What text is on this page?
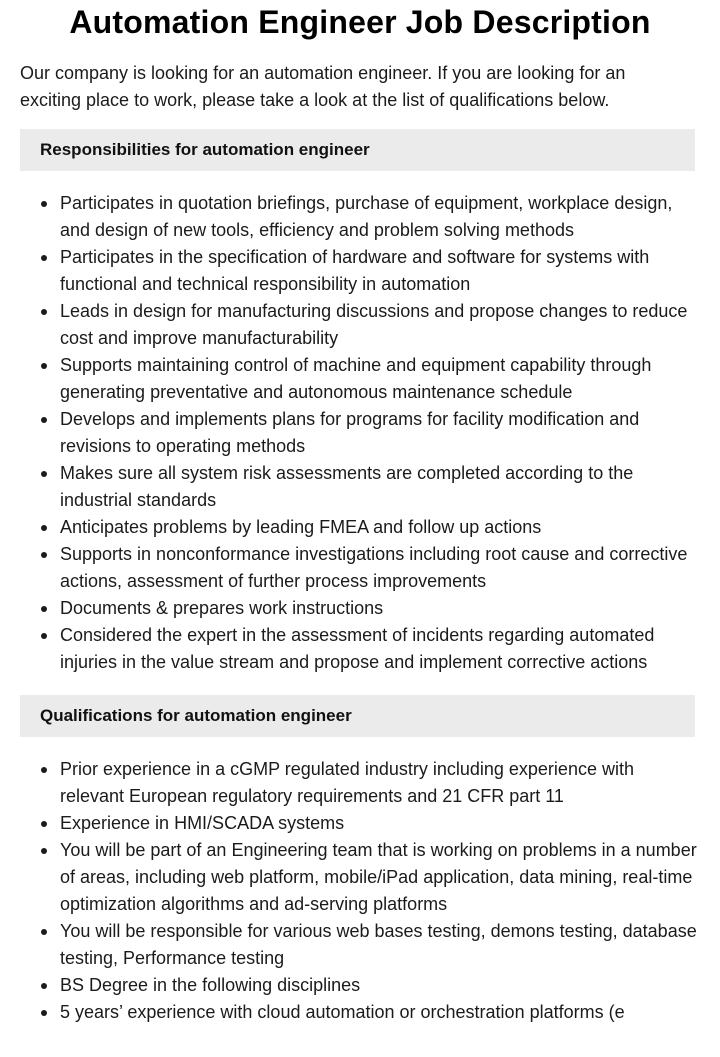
Automation Engineer Job Description

Our company is looking for an automation engineer. If you are looking for an exciting place to work, please take a look at the list of qualifications below.

Responsibilities for automation engineer
Participates in quotation briefings, purchase of equipment, workplace design, and design of new tools, efficiency and problem solving methods
Participates in the specification of hardware and software for systems with functional and technical responsibility in automation
Leads in design for manufacturing discussions and propose changes to reduce cost and improve manufacturability
Supports maintaining control of machine and equipment capability through generating preventative and autonomous maintenance schedule
Develops and implements plans for programs for facility modification and revisions to operating methods
Makes sure all system risk assessments are completed according to the industrial standards
Anticipates problems by leading FMEA and follow up actions
Supports in nonconformance investigations including root cause and corrective actions, assessment of further process improvements
Documents & prepares work instructions
Considered the expert in the assessment of incidents regarding automated injuries in the value stream and propose and implement corrective actions
Qualifications for automation engineer
Prior experience in a cGMP regulated industry including experience with relevant European regulatory requirements and 21 CFR part 11
Experience in HMI/SCADA systems
You will be part of an Engineering team that is working on problems in a number of areas, including web platform, mobile/iPad application, data mining, real-time optimization algorithms and ad-serving platforms
You will be responsible for various web bases testing, demons testing, database testing, Performance testing
BS Degree in the following disciplines
5 years’ experience with cloud automation or orchestration platforms (e
